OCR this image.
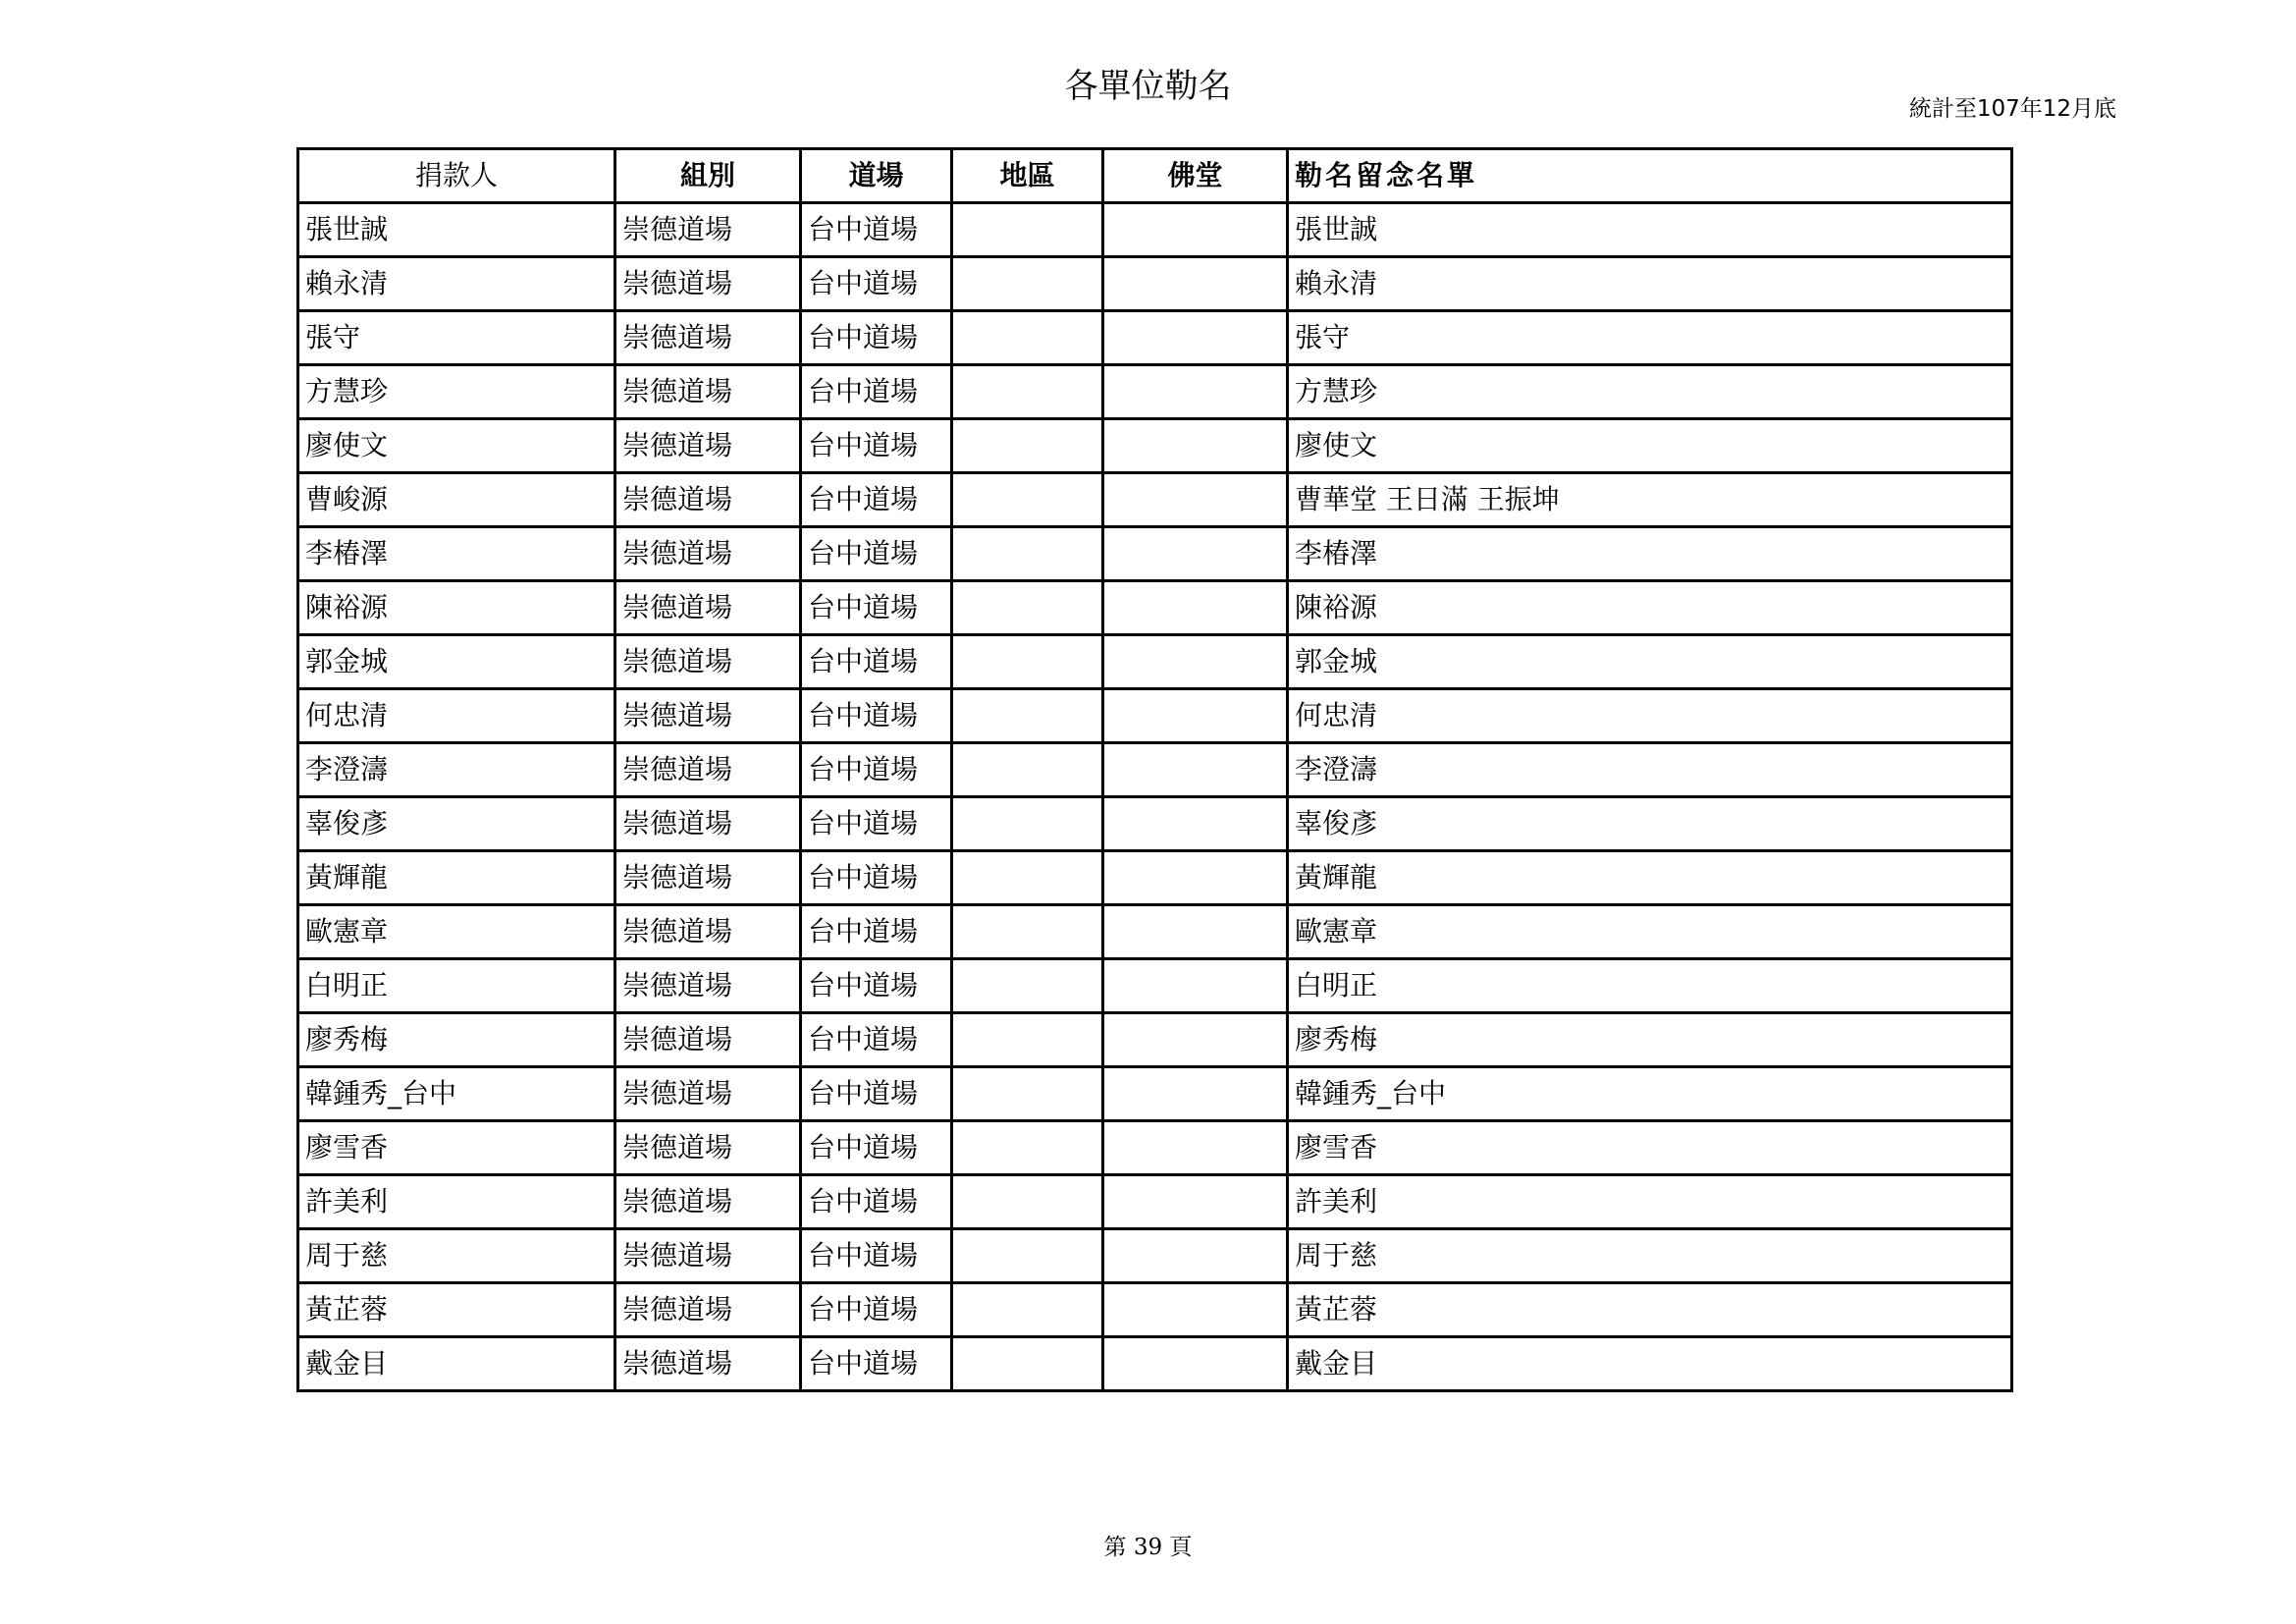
各單位勒名
統計至107年12月底
捐款人	組別	道場	地區	佛堂	勒名留念名單
張世誠	崇德道場	台中道場			張世誠
賴永清	崇德道場	台中道場			賴永清
張守	崇德道場	台中道場			張守
方慧珍	崇德道場	台中道場			方慧珍
廖使文	崇德道場	台中道場			廖使文
曹峻源	崇德道場	台中道場			曹華堂 王日滿 王振坤
李椿澤	崇德道場	台中道場			李椿澤
陳裕源	崇德道場	台中道場			陳裕源
郭金城	崇德道場	台中道場			郭金城
何忠清	崇德道場	台中道場			何忠清
李澄濤	崇德道場	台中道場			李澄濤
辜俊彥	崇德道場	台中道場			辜俊彥
黃輝龍	崇德道場	台中道場			黃輝龍
歐憲章	崇德道場	台中道場			歐憲章
白明正	崇德道場	台中道場			白明正
廖秀梅	崇德道場	台中道場			廖秀梅
韓鍾秀_台中	崇德道場	台中道場			韓鍾秀_台中
廖雪香	崇德道場	台中道場			廖雪香
許美利	崇德道場	台中道場			許美利
周于慈	崇德道場	台中道場			周于慈
黃芷蓉	崇德道場	台中道場			黃芷蓉
戴金目	崇德道場	台中道場			戴金目
第 39 頁
